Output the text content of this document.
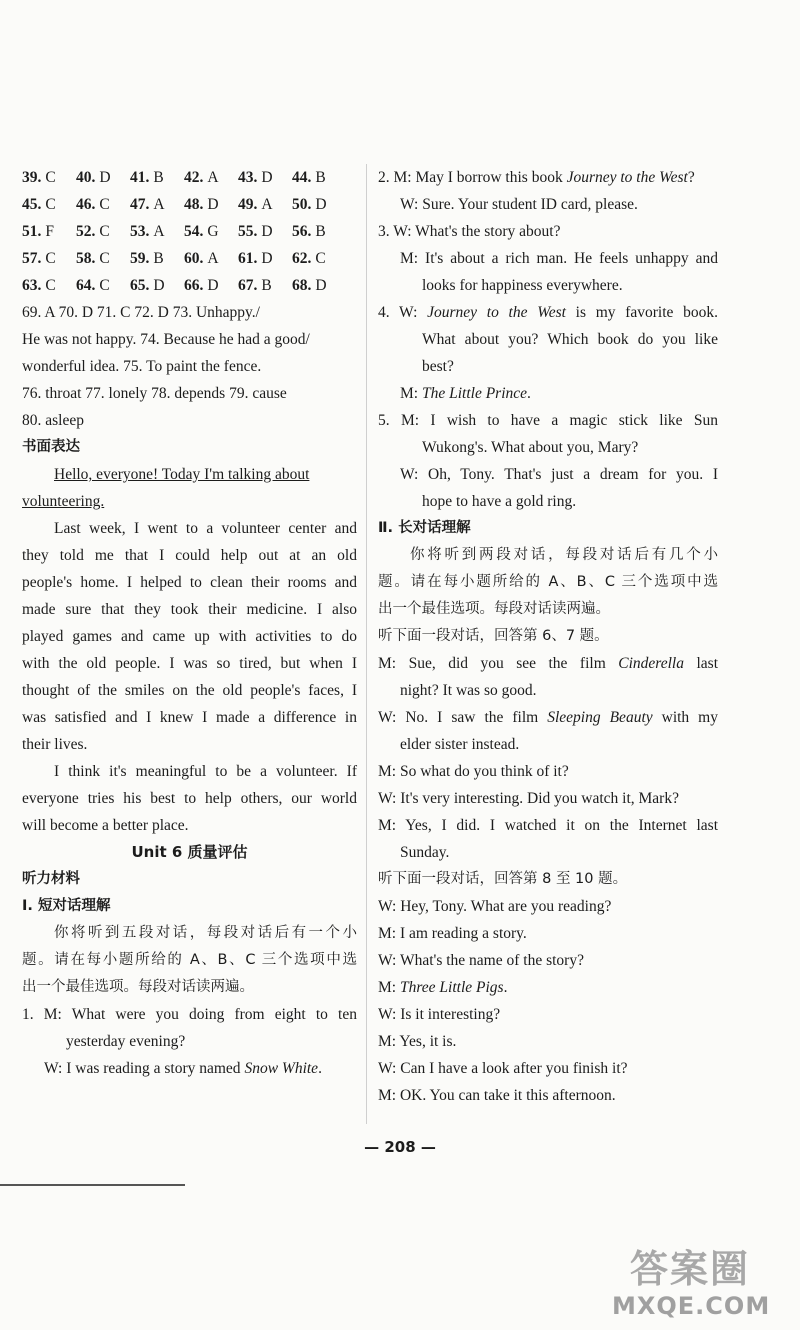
39. C	40. D	41. B	42. A	43. D	44. B
45. C	46. C	47. A	48. D	49. A	50. D
51. F	52. C	53. A	54. G	55. D	56. B
57. C	58. C	59. B	60. A	61. D	62. C
63. C	64. C	65. D	66. D	67. B	68. D
69. A 70. D 71. C 72. D 73. Unhappy./
He was not happy. 74. Because he had a good/
wonderful idea. 75. To paint the fence.
76. throat 77. lonely 78. depends 79. cause
80. asleep
书面表达
Hello, everyone! Today I'm talking about
volunteering.
Last week, I went to a volunteer center and
they told me that I could help out at an old
people's home. I helped to clean their rooms and
made sure that they took their medicine. I also
played games and came up with activities to do
with the old people. I was so tired, but when I
thought of the smiles on the old people's faces, I
was satisfied and I knew I made a difference in
their lives.
I think it's meaningful to be a volunteer. If
everyone tries his best to help others, our world
will become a better place.
Unit 6 质量评估
听力材料
Ⅰ. 短对话理解
你将听到五段对话，每段对话后有一个小
题。请在每小题所给的 A、B、C 三个选项中选
出一个最佳选项。每段对话读两遍。
1. M: What were you doing from eight to ten
yesterday evening?
W: I was reading a story named Snow White.
2. M: May I borrow this book Journey to the West?
W: Sure. Your student ID card, please.
3. W: What's the story about?
M: It's about a rich man. He feels unhappy and
looks for happiness everywhere.
4. W: Journey to the West is my favorite book.
What about you? Which book do you like
best?
M: The Little Prince.
5. M: I wish to have a magic stick like Sun
Wukong's. What about you, Mary?
W: Oh, Tony. That's just a dream for you. I
hope to have a gold ring.
Ⅱ. 长对话理解
你将听到两段对话，每段对话后有几个小
题。请在每小题所给的 A、B、C 三个选项中选
出一个最佳选项。每段对话读两遍。
听下面一段对话，回答第 6、7 题。
M: Sue, did you see the film Cinderella last
night? It was so good.
W: No. I saw the film Sleeping Beauty with my
elder sister instead.
M: So what do you think of it?
W: It's very interesting. Did you watch it, Mark?
M: Yes, I did. I watched it on the Internet last
Sunday.
听下面一段对话，回答第 8 至 10 题。
W: Hey, Tony. What are you reading?
M: I am reading a story.
W: What's the name of the story?
M: Three Little Pigs.
W: Is it interesting?
M: Yes, it is.
W: Can I have a look after you finish it?
M: OK. You can take it this afternoon.
— 208 —
答案圈
MXQE.COM
